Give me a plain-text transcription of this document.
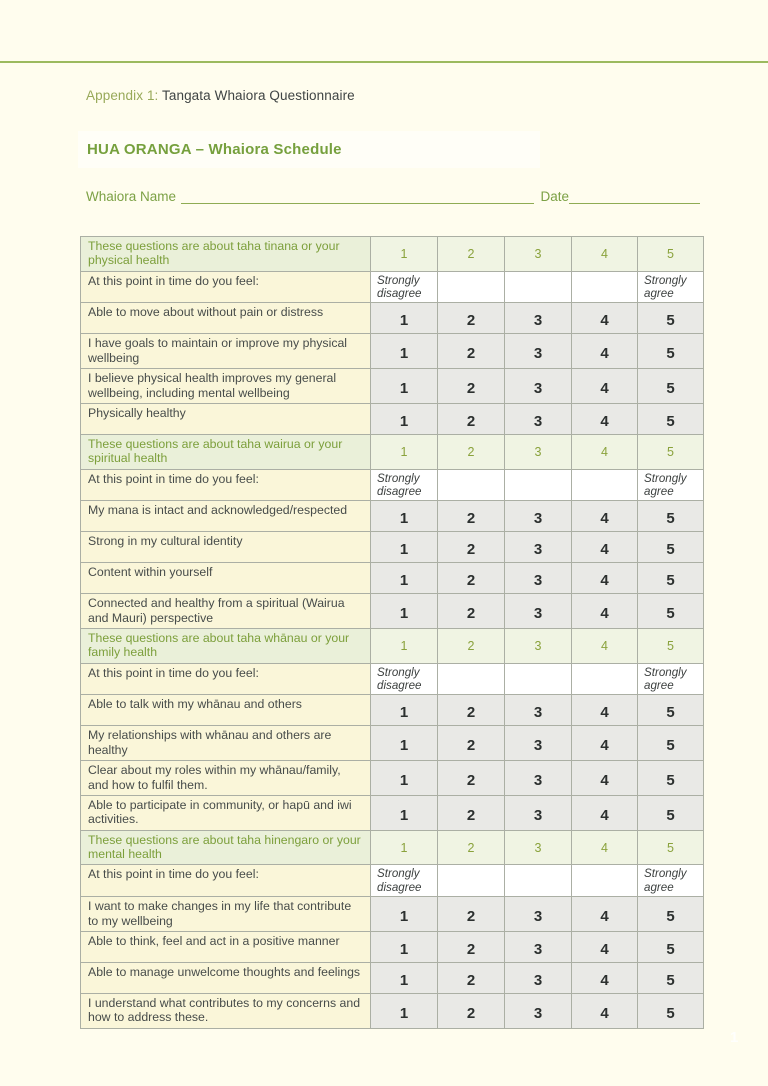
Appendix 1: Tangata Whaiora Questionnaire
HUA ORANGA – Whaiora Schedule
Whaiora Name	Date
These questions are about taha tinana or your physical health	1	2	3	4	5
At this point in time do you feel:	Strongly disagree				Strongly agree
Able to move about without pain or distress	1	2	3	4	5
I have goals to maintain or improve my physical wellbeing	1	2	3	4	5
I believe physical health improves my general wellbeing, including mental wellbeing	1	2	3	4	5
Physically healthy	1	2	3	4	5
These questions are about taha wairua or your spiritual health	1	2	3	4	5
At this point in time do you feel:	Strongly disagree				Strongly agree
My mana is intact and acknowledged/respected	1	2	3	4	5
Strong in my cultural identity	1	2	3	4	5
Content within yourself	1	2	3	4	5
Connected and healthy from a spiritual (Wairua and Mauri) perspective	1	2	3	4	5
These questions are about taha whānau or your family health	1	2	3	4	5
At this point in time do you feel:	Strongly disagree				Strongly agree
Able to talk with my whānau and others	1	2	3	4	5
My relationships with whānau and others are healthy	1	2	3	4	5
Clear about my roles within my whānau/family, and how to fulfil them.	1	2	3	4	5
Able to participate in community, or hapū and iwi activities.	1	2	3	4	5
These questions are about taha hinengaro or your mental health	1	2	3	4	5
At this point in time do you feel:	Strongly disagree				Strongly agree
I want to make changes in my life that contribute to my wellbeing	1	2	3	4	5
Able to think, feel and act in a positive manner	1	2	3	4	5
Able to manage unwelcome thoughts and feelings	1	2	3	4	5
I understand what contributes to my concerns and how to address these.	1	2	3	4	5
1
